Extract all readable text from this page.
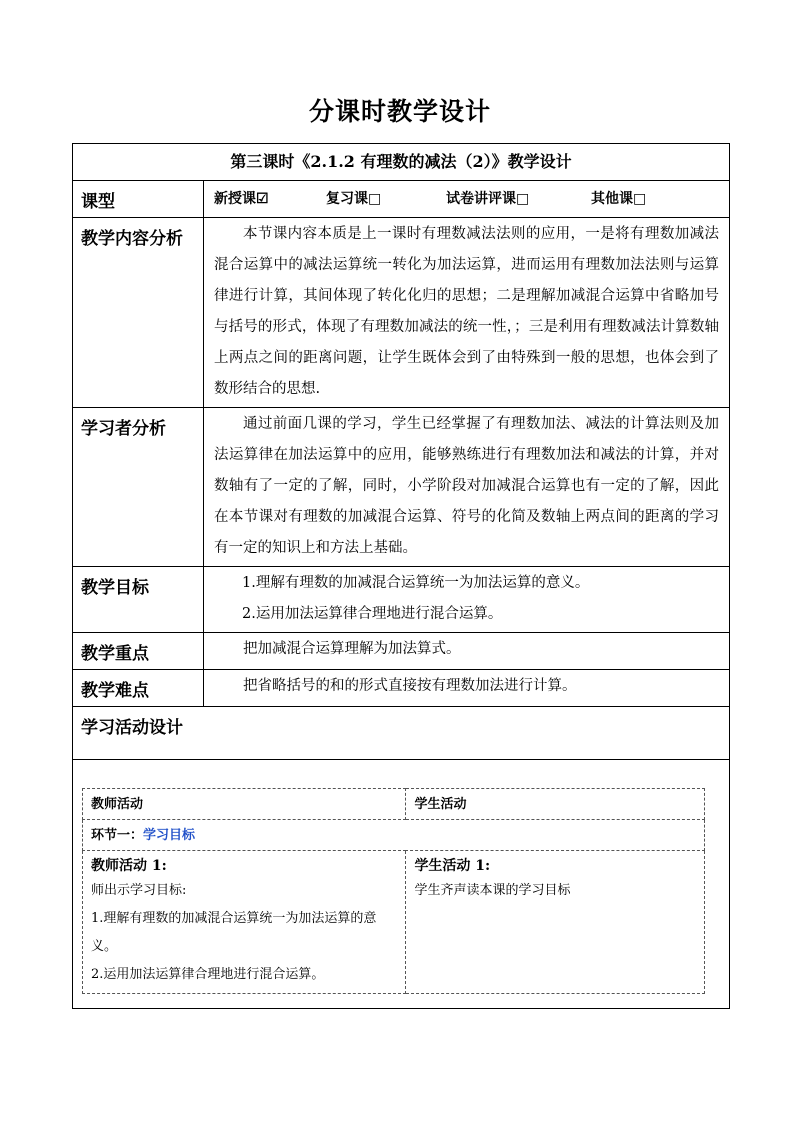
分课时教学设计
第三课时《2.1.2 有理数的减法（2）》教学设计
课型	新授课☑	复习课□	试卷讲评课□	其他课□
教学内容分析	本节课内容本质是上一课时有理数减法法则的应用，一是将有理数加减法混合运算中的减法运算统一转化为加法运算，进而运用有理数加法法则与运算律进行计算，其间体现了转化化归的思想；二是理解加减混合运算中省略加号与括号的形式，体现了有理数加减法的统一性，；三是利用有理数减法计算数轴上两点之间的距离问题，让学生既体会到了由特殊到一般的思想，也体会到了数形结合的思想.
学习者分析	通过前面几课的学习，学生已经掌握了有理数加法、减法的计算法则及加法运算律在加法运算中的应用，能够熟练进行有理数加法和减法的计算，并对数轴有了一定的了解，同时，小学阶段对加减混合运算也有一定的了解，因此在本节课对有理数的加减混合运算、符号的化简及数轴上两点间的距离的学习有一定的知识上和方法上基础。
教学目标	1.理解有理数的加减混合运算统一为加法运算的意义。
2.运用加法运算律合理地进行混合运算。

教学重点	把加减混合运算理解为加法算式。
教学难点	把省略括号的和的形式直接按有理数加法进行计算。
学习活动设计

教师活动	学生活动
环节一：学习目标

教师活动 1:
师出示学习目标:
1.理解有理数的加减混合运算统一为加法运算的意义。
2.运用加法运算律合理地进行混合运算。

学生活动 1:
学生齐声读本课的学习目标
